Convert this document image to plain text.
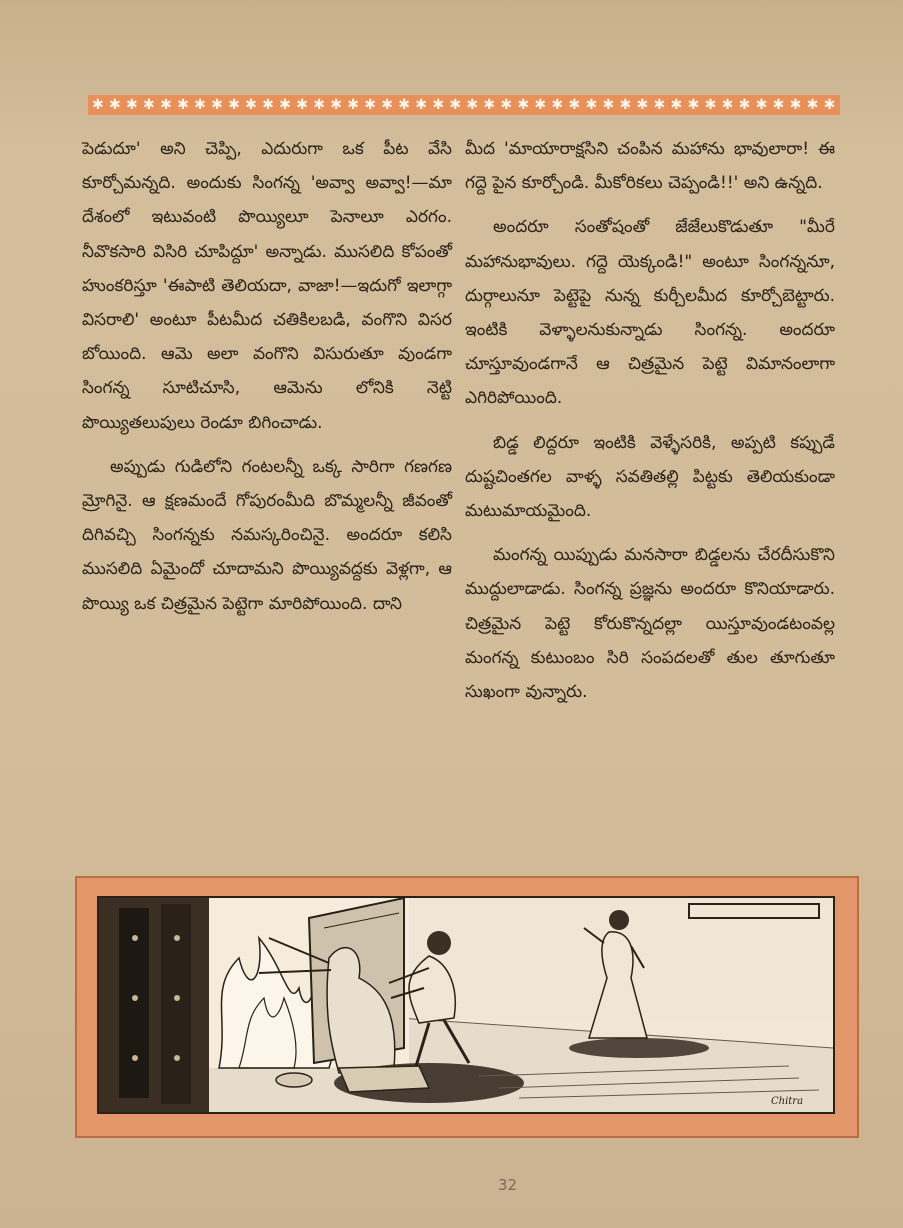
✱ ✱ ✱ ✱ ✱ ✱ ✱ ✱ ✱ ✱ ✱ ✱ ✱ ✱ ✱ ✱ ✱ ✱ ✱ ✱ ✱ ✱ ✱ ✱ ✱ ✱ ✱ ✱ ✱ ✱ ✱ ✱ ✱ ✱ ✱ ✱ ✱ ✱ ✱ ✱ ✱ ✱ ✱ ✱

పెడుదూ' అని చెప్పి, ఎదురుగా ఒక పీట వేసి కూర్చోమన్నది. అందుకు సింగన్న 'అవ్వా అవ్వా!—మా దేశంలో ఇటువంటి పొయ్యిలూ పెనాలూ ఎరగం. నీవొకసారి విసిరి చూపిద్దూ' అన్నాడు. ముసలిది కోపంతో హుంకరిస్తూ 'ఈపాటి తెలియదా, వాజా!—ఇదుగో ఇలాగ్గా విసరాలి' అంటూ పీటమీద చతికిలబడి, వంగొని విసర బోయింది. ఆమె అలా వంగొని విసురుతూ వుండగా సింగన్న సూటిచూసి, ఆమెను లోనికి నెట్టి పొయ్యితలుపులు రెండూ బిగించాడు.

అప్పుడు గుడిలోని గంటలన్నీ ఒక్క సారిగా గణగణ మ్రోగినై. ఆ క్షణమందే గోపురంమీది బొమ్మలన్నీ జీవంతో దిగివచ్చి సింగన్నకు నమస్కరించినై. అందరూ కలిసి ముసలిది ఏమైందో చూదామని పొయ్యివద్దకు వెళ్లగా, ఆ పొయ్యి ఒక చిత్రమైన పెట్టెగా మారిపోయింది. దాని

మీద 'మాయారాక్షసిని చంపిన మహాను భావులారా! ఈ గద్దె పైన కూర్చోండి. మీకోరికలు చెప్పండి!!' అని ఉన్నది.

అందరూ సంతోషంతో జేజేలుకొడుతూ "మీరే మహానుభావులు. గద్దె యెక్కండి!" అంటూ సింగన్ననూ, దుర్గాలునూ పెట్టెపై నున్న కుర్చీలమీద కూర్చోబెట్టారు. ఇంటికి వెళ్ళాలనుకున్నాడు సింగన్న. అందరూ చూస్తూవుండగానే ఆ చిత్రమైన పెట్టె విమానంలాగా ఎగిరిపోయింది.

బిడ్డ లిద్దరూ ఇంటికి వెళ్ళేసరికి, అప్పటి కప్పుడే దుష్టచింతగల వాళ్ళ సవతితల్లి పిట్టకు తెలియకుండా మటుమాయమైంది.

మంగన్న యిప్పుడు మనసారా బిడ్డలను చేరదీసుకొని ముద్దులాడాడు. సింగన్న ప్రజ్ఞను అందరూ కొనియాడారు. చిత్రమైన పెట్టె కోరుకొన్నదల్లా యిస్తూవుండటంవల్ల మంగన్న కుటుంబం సిరి సంపదలతో తుల తూగుతూ సుఖంగా వున్నారు.

Chitra
32
